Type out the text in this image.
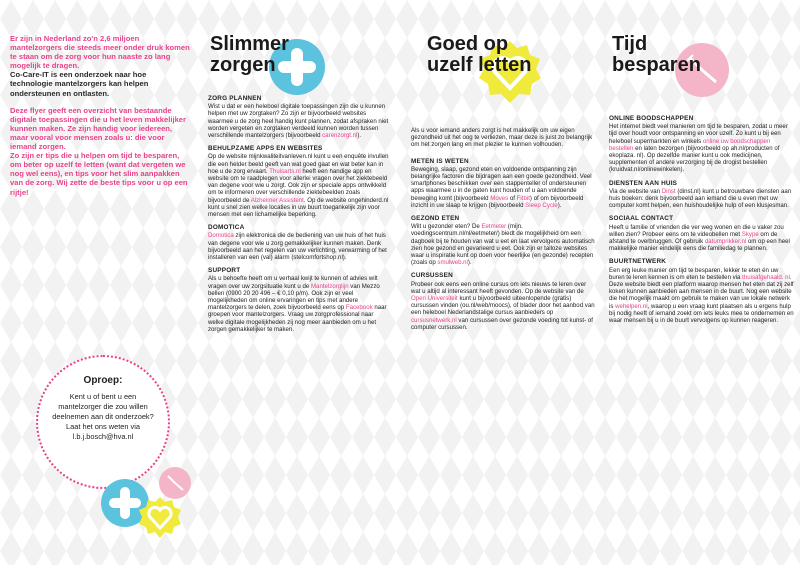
Er zijn in Nederland zo'n 2,6 miljoen mantelzorgers die steeds meer onder druk komen te staan om de zorg voor hun naaste zo lang mogelijk te dragen.

Co-Care-IT is een onderzoek naar hoe technologie mantelzorgers kan helpen ondersteunen en ontlasten.

Deze flyer geeft een overzicht van bestaande digitale toepassingen die u het leven makkelijker kunnen maken. Ze zijn handig voor iedereen, maar vooral voor mensen zoals u: die voor iemand zorgen.

Zo zijn er tips die u helpen om tijd te besparen, om beter op uzelf te letten (want dat vergeten we nog wel eens), en tips voor het slim aanpakken van de zorg. Wij zette de beste tips voor u op een rijtje!

Oproep:
Kent u of bent u een mantelzorger die zou willen deelnemen aan dit onderzoek? Laat het ons weten via l.b.j.bosch@hva.nl
Slimmer
zorgen
ZORG PLANNEN
Wist u dat er een heleboel digitale toepassingen zijn die u kunnen helpen met uw zorgtaken? Zo zijn er bijvoorbeeld websites waarmee u de zorg heel handig kunt plannen, zodat afspraken niet worden vergeten en zorgtaken verdeeld kunnen worden tussen verschillende mantelzorgers (bijvoorbeeld carenzorgt.nl).
BEHULPZAME APPS EN WEBSITES
Op de website mijnkwaliteitvanleven.nl kunt u een enquête invullen die een helder beeld geeft van wat goed gaat en wat beter kan in hoe u de zorg ervaart. Thuisarts.nl heeft een handige app en website om te raadplegen voor allerlei vragen over het ziektebeeld van degene voor wie u zorgt. Ook zijn er speciale apps ontwikkeld om te informeren over verschillende ziektebeelden zoals bijvoorbeeld de Alzheimer Assistent. Op de website ongehinderd.nl kunt u snel zien welke locaties in uw buurt toegankelijk zijn voor mensen met een lichamelijke beperking.
DOMOTICA
Domotica zijn elektronica die de bediening van uw huis of het huis van degene voor wie u zorg gemakkelijker kunnen maken. Denk bijvoorbeeld aan het regelen van uw verlichting, verwarming of het installeren van een (val) alarm (stelcomfortshop.nl).
SUPPORT
Als u behoefte heeft om u verhaal kwijt te kunnen of advies wilt vragen over uw zorgsituatie kunt u de Mantelzorglijn van Mezzo bellen (0900 20 20 496 – € 0,10 p/m). Ook zijn er veel mogelijkheden om online ervaringen en tips met andere mantelzorgers te delen, zoek bijvoorbeeld eens op Facebook naar groepen voor mantelzorgers. Vraag uw zorgprofessional naar welke digitale mogelijkheden zij nog meer aanbieden om u het zorgen gemakkelijker te maken.
Goed op
uzelf letten
Als u voor iemand anders zorgt is het makkelijk om uw eigen gezondheid uit het oog te verliezen, maar deze is juist zo belangrijk om het zorgen lang en met plezier te kunnen volhouden.
METEN IS WETEN
Beweging, slaap, gezond eten en voldoende ontspanning zijn belangrijke factoren die bijdragen aan een goede gezondheid. Veel smartphones beschikken over een stappenteller of ondersteunen apps waarmee u in de gaten kunt houden of u aan voldoende beweging komt (bijvoorbeeld Moves of Fitbit) of om bijvoorbeeld inzicht in uw slaap te krijgen (bijvoorbeeld Sleep Cycle).
GEZOND ETEN
Wilt u gezonder eten? De Eetmeter (mijn. voedingscentrum.nl/nl/eetmeter/) biedt de mogelijkheid om een dagboek bij te houden van wat u eet en laat vervolgens automatisch zien hoe gezond en gevarieerd u eet. Ook zijn er talloze websites waar u inspiratie kunt op doen voor heerlijke (en gezonde) recepten (zoals op smulweb.nl).
CURSUSSEN
Probeer ook eens een online cursus om iets nieuws te leren over wat u altijd al interessant heeft gevonden. Op de website van de Open Universiteit kunt u bijvoorbeeld uiteenlopende (gratis) cursussen vinden (ou.nl/web/moocs), of blader door het aanbod van een heleboel Nederlandstalige cursus aanbieders op cursusnetwerk.nl van cursussen over gezonde voeding tot kunst- of computer cursussen.
Tijd
besparen
ONLINE BOODSCHAPPEN
Het internet biedt veel manieren om tijd te besparen, zodat u meer tijd over houdt voor ontspanning en voor uzelf. Zo kunt u bij een heleboel supermarkten en winkels online uw boodschappen bestellen en laten bezorgen (bijvoorbeeld op ah.nl/producten of ekoplaza. nl). Op dezelfde manier kunt u ook medicijnen, supplementen of andere verzorging bij de drogist bestellen (kruidvat.nl/onlinewinkelen).
DIENSTEN AAN HUIS
Via de website van Dinst (dinst.nl) kunt u betrouwbare diensten aan huis boeken: denk bijvoorbeeld aan iemand die u even met uw computer komt helpen, een huishoudelijke hulp of een klusjesman.
SOCIAAL CONTACT
Heeft u familie of vrienden die ver weg wonen en die u vaker zou willen zien? Probeer eens om te videobellen met Skype om de afstand te overbruggen. Of gebruik datumprikker.nl om op een heel makkelijke manier eindelijk eens die familiedag te plannen.
BUURTNETWERK
Een erg leuke manier om tijd te besparen, lekker te eten én uw buren te leren kennen is om eten te bestellen via thuisafgehaald. nl. Deze website biedt een platform waarop mensen het eten dat zij zelf koken kunnen aanbieden aan mensen in de buurt. Nog een website die het mogelijk maakt om gebruik te maken van uw lokale netwerk is wehelpen.nl, waarop u een vraag kunt plaatsen als u ergens hulp bij nodig heeft of iemand zoekt om iets leuks mee te ondernemen en waar mensen bij u in de buurt vervolgens op kunnen reageren.
